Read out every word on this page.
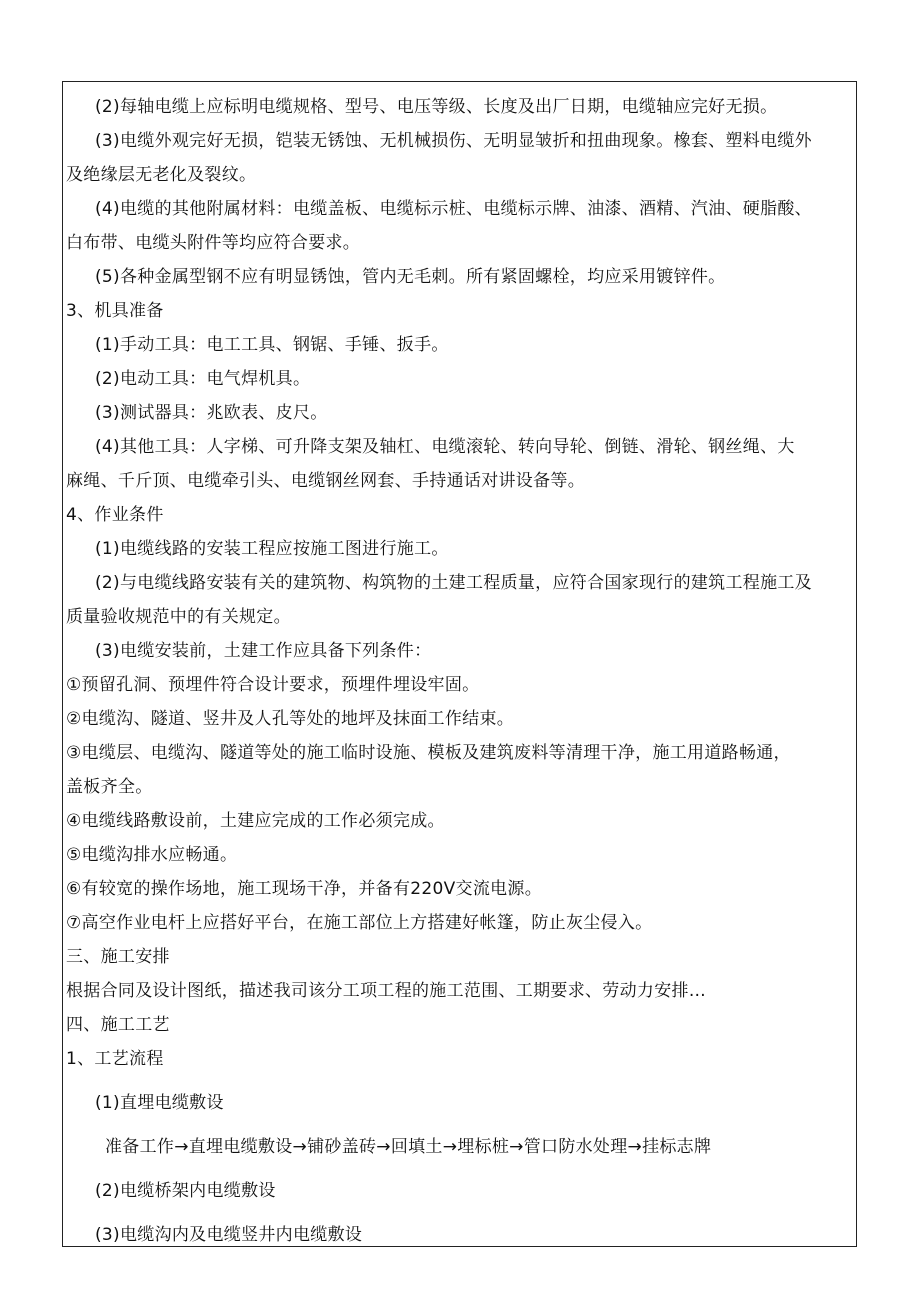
(2)每轴电缆上应标明电缆规格、型号、电压等级、长度及出厂日期，电缆轴应完好无损。
(3)电缆外观完好无损，铠装无锈蚀、无机械损伤、无明显皱折和扭曲现象。橡套、塑料电缆外
及绝缘层无老化及裂纹。
(4)电缆的其他附属材料：电缆盖板、电缆标示桩、电缆标示牌、油漆、酒精、汽油、硬脂酸、
白布带、电缆头附件等均应符合要求。
(5)各种金属型钢不应有明显锈蚀，管内无毛刺。所有紧固螺栓，均应采用镀锌件。
3、机具准备
(1)手动工具：电工工具、钢锯、手锤、扳手。
(2)电动工具：电气焊机具。
(3)测试器具：兆欧表、皮尺。
(4)其他工具：人字梯、可升降支架及轴杠、电缆滚轮、转向导轮、倒链、滑轮、钢丝绳、大
麻绳、千斤顶、电缆牵引头、电缆钢丝网套、手持通话对讲设备等。
4、作业条件
(1)电缆线路的安装工程应按施工图进行施工。
(2)与电缆线路安装有关的建筑物、构筑物的土建工程质量，应符合国家现行的建筑工程施工及
质量验收规范中的有关规定。
(3)电缆安装前，土建工作应具备下列条件：
①预留孔洞、预埋件符合设计要求，预埋件埋设牢固。
②电缆沟、隧道、竖井及人孔等处的地坪及抹面工作结束。
③电缆层、电缆沟、隧道等处的施工临时设施、模板及建筑废料等清理干净，施工用道路畅通，
盖板齐全。
④电缆线路敷设前，土建应完成的工作必须完成。
⑤电缆沟排水应畅通。
⑥有较宽的操作场地，施工现场干净，并备有220V交流电源。
⑦高空作业电杆上应搭好平台，在施工部位上方搭建好帐篷，防止灰尘侵入。
三、施工安排
根据合同及设计图纸，描述我司该分工项工程的施工范围、工期要求、劳动力安排…
四、施工工艺
1、工艺流程
(1)直埋电缆敷设
准备工作→直埋电缆敷设→铺砂盖砖→回填土→埋标桩→管口防水处理→挂标志牌
(2)电缆桥架内电缆敷设
(3)电缆沟内及电缆竖井内电缆敷设
